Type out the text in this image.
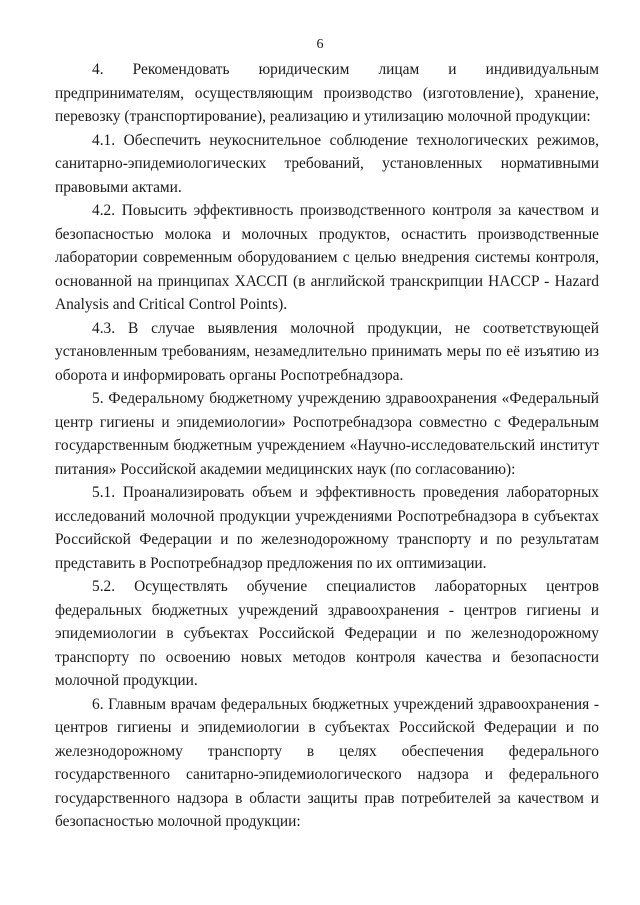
6

4. Рекомендовать юридическим лицам и индивидуальным предпринимателям, осуществляющим производство (изготовление), хранение, перевозку (транспортирование), реализацию и утилизацию молочной продукции:

4.1. Обеспечить неукоснительное соблюдение технологических режимов, санитарно-эпидемиологических требований, установленных нормативными правовыми актами.

4.2. Повысить эффективность производственного контроля за качеством и безопасностью молока и молочных продуктов, оснастить производственные лаборатории современным оборудованием с целью внедрения системы контроля, основанной на принципах ХАССП (в английской транскрипции HACCP - Hazard Analysis and Critical Control Points).

4.3. В случае выявления молочной продукции, не соответствующей установленным требованиям, незамедлительно принимать меры по её изъятию из оборота и информировать органы Роспотребнадзора.

5. Федеральному бюджетному учреждению здравоохранения «Федеральный центр гигиены и эпидемиологии» Роспотребнадзора совместно с Федеральным государственным бюджетным учреждением «Научно-исследовательский институт питания» Российской академии медицинских наук (по согласованию):

5.1. Проанализировать объем и эффективность проведения лабораторных исследований молочной продукции учреждениями Роспотребнадзора в субъектах Российской Федерации и по железнодорожному транспорту и по результатам представить в Роспотребнадзор предложения по их оптимизации.

5.2. Осуществлять обучение специалистов лабораторных центров федеральных бюджетных учреждений здравоохранения - центров гигиены и эпидемиологии в субъектах Российской Федерации и по железнодорожному транспорту по освоению новых методов контроля качества и безопасности молочной продукции.

6. Главным врачам федеральных бюджетных учреждений здравоохранения - центров гигиены и эпидемиологии в субъектах Российской Федерации и по железнодорожному транспорту в целях обеспечения федерального государственного санитарно-эпидемиологического надзора и федерального государственного надзора в области защиты прав потребителей за качеством и безопасностью молочной продукции:
